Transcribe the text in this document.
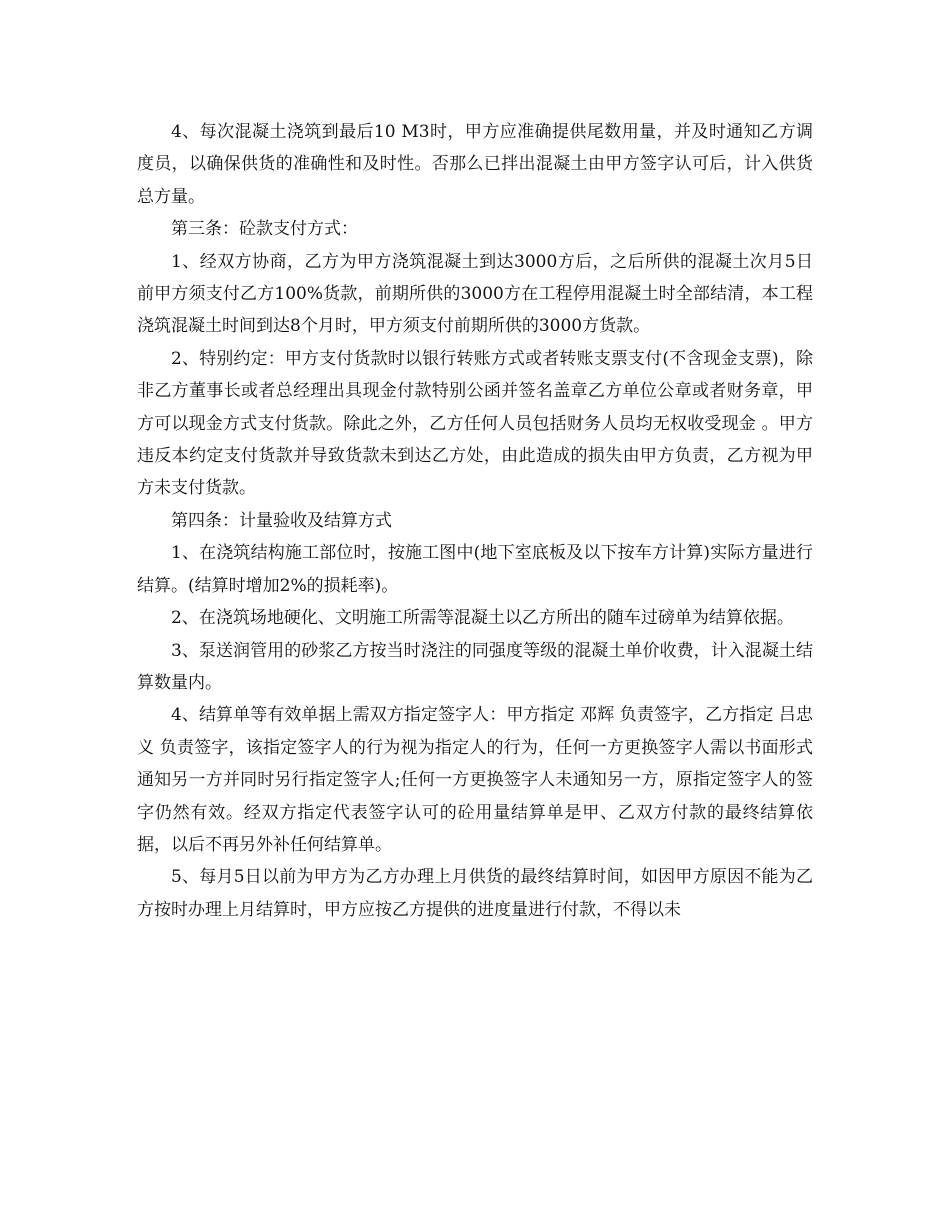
4、每次混凝土浇筑到最后10 M3时，甲方应准确提供尾数用量，并及时通知乙方调度员，以确保供货的准确性和及时性。否那么已拌出混凝土由甲方签字认可后，计入供货总方量。

第三条：砼款支付方式：

1、经双方协商，乙方为甲方浇筑混凝土到达3000方后，之后所供的混凝土次月5日前甲方须支付乙方100%货款，前期所供的3000方在工程停用混凝土时全部结清，本工程浇筑混凝土时间到达8个月时，甲方须支付前期所供的3000方货款。

2、特别约定：甲方支付货款时以银行转账方式或者转账支票支付(不含现金支票)，除非乙方董事长或者总经理出具现金付款特别公函并签名盖章乙方单位公章或者财务章，甲方可以现金方式支付货款。除此之外，乙方任何人员包括财务人员均无权收受现金 。甲方违反本约定支付货款并导致货款未到达乙方处，由此造成的损失由甲方负责，乙方视为甲方未支付货款。

第四条：计量验收及结算方式

1、在浇筑结构施工部位时，按施工图中(地下室底板及以下按车方计算)实际方量进行结算。(结算时增加2%的损耗率)。

2、在浇筑场地硬化、文明施工所需等混凝土以乙方所出的随车过磅单为结算依据。

3、泵送润管用的砂浆乙方按当时浇注的同强度等级的混凝土单价收费，计入混凝土结算数量内。

4、结算单等有效单据上需双方指定签字人：甲方指定 邓辉 负责签字，乙方指定 吕忠义 负责签字，该指定签字人的行为视为指定人的行为，任何一方更换签字人需以书面形式通知另一方并同时另行指定签字人;任何一方更换签字人未通知另一方，原指定签字人的签字仍然有效。经双方指定代表签字认可的砼用量结算单是甲、乙双方付款的最终结算依据，以后不再另外补任何结算单。

5、每月5日以前为甲方为乙方办理上月供货的最终结算时间，如因甲方原因不能为乙方按时办理上月结算时，甲方应按乙方提供的进度量进行付款，不得以未
